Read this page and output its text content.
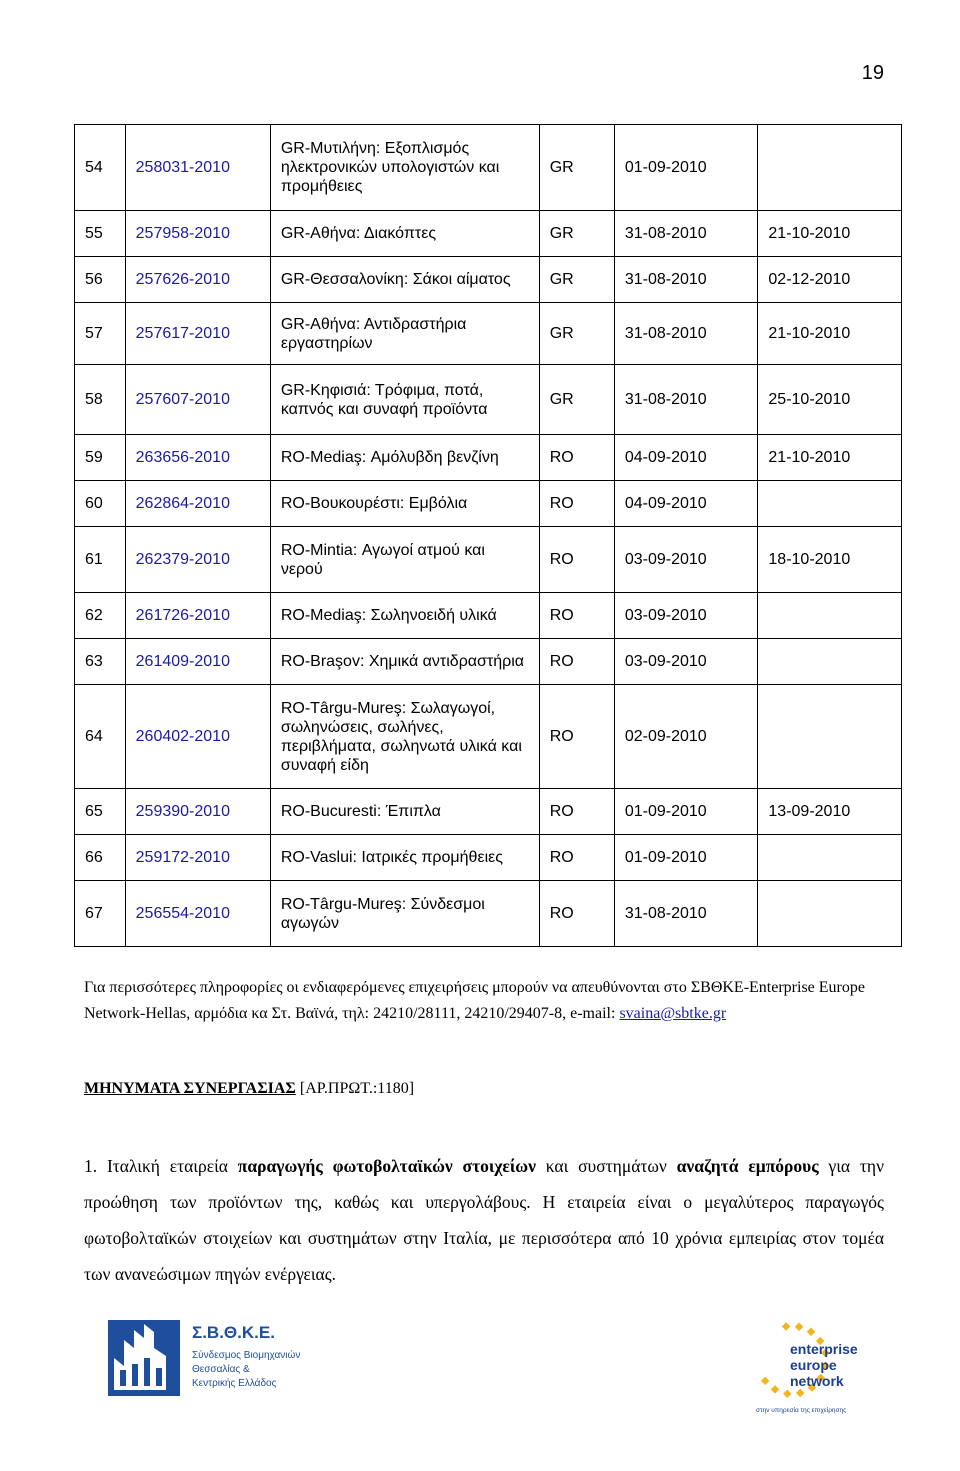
19
54	258031-2010	GR-Μυτιλήνη: Εξοπλισμός ηλεκτρονικών υπολογιστών και προμήθειες	GR	01-09-2010	
55	257958-2010	GR-Αθήνα: Διακόπτες	GR	31-08-2010	21-10-2010
56	257626-2010	GR-Θεσσαλονίκη: Σάκοι αίματος	GR	31-08-2010	02-12-2010
57	257617-2010	GR-Αθήνα: Αντιδραστήρια εργαστηρίων	GR	31-08-2010	21-10-2010
58	257607-2010	GR-Κηφισιά: Τρόφιμα, ποτά, καπνός και συναφή προϊόντα	GR	31-08-2010	25-10-2010
59	263656-2010	RO-Mediaş: Αμόλυβδη βενζίνη	RO	04-09-2010	21-10-2010
60	262864-2010	RO-Βουκουρέστι: Εμβόλια	RO	04-09-2010	
61	262379-2010	RO-Mintia: Αγωγοί ατμού και νερού	RO	03-09-2010	18-10-2010
62	261726-2010	RO-Mediaş: Σωληνοειδή υλικά	RO	03-09-2010	
63	261409-2010	RO-Braşov: Χημικά αντιδραστήρια	RO	03-09-2010	
64	260402-2010	RO-Târgu-Mureş: Σωλαγωγοί, σωληνώσεις, σωλήνες, περιβλήματα, σωληνωτά υλικά και συναφή είδη	RO	02-09-2010	
65	259390-2010	RO-Bucuresti: Έπιπλα	RO	01-09-2010	13-09-2010
66	259172-2010	RO-Vaslui: Ιατρικές προμήθειες	RO	01-09-2010	
67	256554-2010	RO-Târgu-Mureş: Σύνδεσμοι αγωγών	RO	31-08-2010	
Για περισσότερες πληροφορίες οι ενδιαφερόμενες επιχειρήσεις μπορούν να απευθύνονται στο ΣΒΘΚΕ-Enterprise Europe Network-Hellas, αρμόδια κα Στ. Βαϊνά, τηλ: 24210/28111, 24210/29407-8, e-mail: svaina@sbtke.gr
ΜΗΝΥΜΑΤΑ ΣΥΝΕΡΓΑΣΙΑΣ [ΑΡ.ΠΡΩΤ.:1180]
1. Ιταλική εταιρεία παραγωγής φωτοβολταϊκών στοιχείων και συστημάτων αναζητά εμπόρους για την προώθηση των προϊόντων της, καθώς και υπεργολάβους. Η εταιρεία είναι ο μεγαλύτερος παραγωγός φωτοβολταϊκών στοιχείων και συστημάτων στην Ιταλία, με περισσότερα από 10 χρόνια εμπειρίας στον τομέα των ανανεώσιμων πηγών ενέργειας.
Σ.Β.Θ.Κ.Ε.
Σύνδεσμος Βιομηχανιών
Θεσσαλίας &
Κεντρικής Ελλάδος
enterprise
europe
network
στην υπηρεσία της επιχείρησης
